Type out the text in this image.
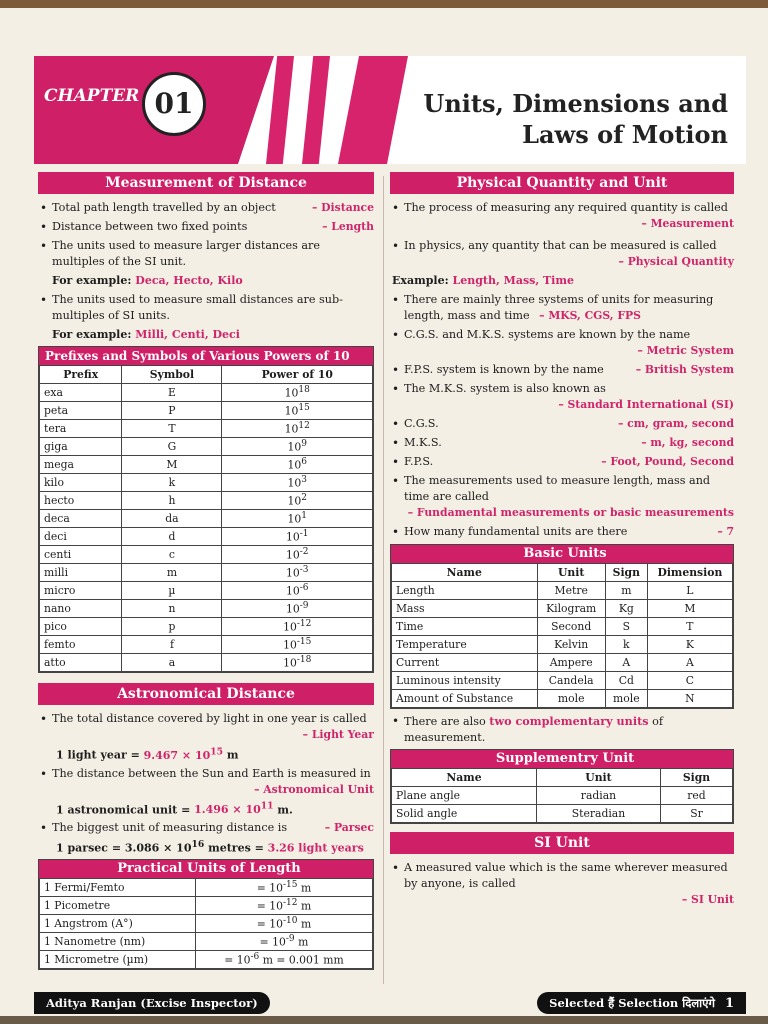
CHAPTER 01	Units, Dimensions and
Laws of Motion
Measurement of Distance
• – Distance
Total path length travelled by an object
• – Length
Distance between two fixed points
• The units used to measure larger distances are multiples of the SI unit.
For example: Deca, Hecto, Kilo
• The units used to measure small distances are sub-multiples of SI units.
For example: Milli, Centi, Deci
Prefixes and Symbols of Various Powers of 10
Prefix	Symbol	Power of 10
exa	E	$10^{18}$
peta	P	$10^{15}$
tera	T	$10^{12}$
giga	G	$10^9$
mega	M	$10^6$
kilo	k	$10^3$
hecto	h	$10^2$
deca	da	$10^1$
deci	d	$10^{-1}$
centi	c	$10^{-2}$
milli	m	$10^{-3}$
micro	µ	$10^{-6}$
nano	n	$10^{-9}$
pico	p	$10^{-12}$
femto	f	$10^{-15}$
atto	a	$10^{-18}$
Astronomical Distance
• The total distance covered by light in one year is called
– Light Year
1 light year = $9.467 \times 10^{15}$ m
• The distance between the Sun and Earth is measured in
– Astronomical Unit
1 astronomical unit = $1.496 \times 10^{11}$ m.
• – Parsec
The biggest unit of measuring distance is
1 $parsec = 3.086 \times 10^{16}$ metres = 3.26 light years
Practical Units of Length
1 Fermi/Femto	= $10^{-15}$ m
1 Picometre	= $10^{-12}$ m
1 Angstrom (A°)	= $10^{-10}$ m
1 Nanometre (nm)	= $10^{-9}$ m
1 Micrometre (µm)	= $10^{-6}$ m = 0.001 mm
Physical Quantity and Unit
• The process of measuring any required quantity is called
– Measurement
• In physics, any quantity that can be measured is called
– Physical Quantity
Example: Length, Mass, Time
• There are mainly three systems of units for measuring length, mass and time – MKS, CGS, FPS
• C.G.S. and M.K.S. systems are known by the name
– Metric System
• – British System
F.P.S. system is known by the name
• The M.K.S. system is also known as
– Standard International (SI)
• – cm, gram, second
C.G.S.
• – m, kg, second
M.K.S.
• – Foot, Pound, Second
F.P.S.
• The measurements used to measure length, mass and time are called
– Fundamental measurements or basic measurements
• – 7
How many fundamental units are there
Basic Units
Name	Unit	Sign	Dimension
Length	Metre	m	L
Mass	Kilogram	Kg	M
Time	Second	S	T
Temperature	Kelvin	k	K
Current	Ampere	A	A
Luminous intensity	Candela	Cd	C
Amount of Substance	mole	mole	N
• There are also two complementary units of measurement.
Supplementry Unit
Name	Unit	Sign
Plane angle	radian	red
Solid angle	Steradian	Sr
SI Unit
• A measured value which is the same wherever measured by anyone, is called
– SI Unit
Aditya Ranjan (Excise Inspector)	Selected हैं Selection दिलाएंगे 1
